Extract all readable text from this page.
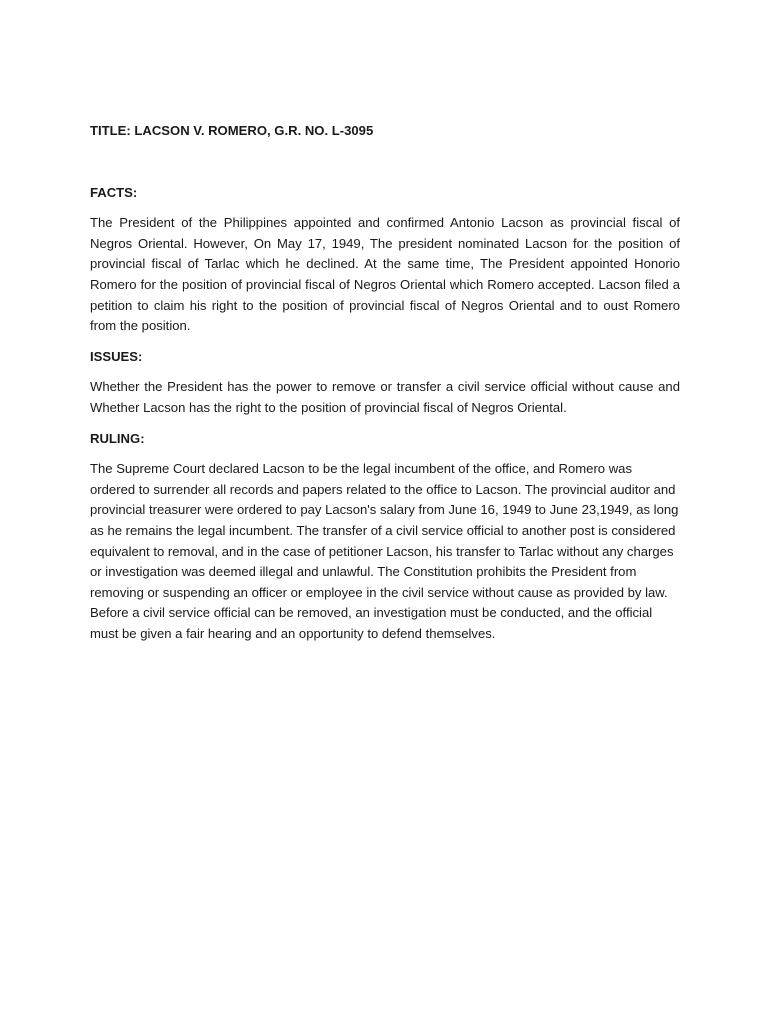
TITLE: LACSON V. ROMERO, G.R. NO. L-3095

FACTS:

The President of the Philippines appointed and confirmed Antonio Lacson as provincial fiscal of Negros Oriental. However, On May 17, 1949, The president nominated Lacson for the position of provincial fiscal of Tarlac which he declined. At the same time, The President appointed Honorio Romero for the position of provincial fiscal of Negros Oriental which Romero accepted. Lacson filed a petition to claim his right to the position of provincial fiscal of Negros Oriental and to oust Romero from the position.

ISSUES:

Whether the President has the power to remove or transfer a civil service official without cause and Whether Lacson has the right to the position of provincial fiscal of Negros Oriental.

RULING:

The Supreme Court declared Lacson to be the legal incumbent of the office, and Romero was ordered to surrender all records and papers related to the office to Lacson. The provincial auditor and provincial treasurer were ordered to pay Lacson's salary from June 16, 1949 to June 23,1949, as long as he remains the legal incumbent. The transfer of a civil service official to another post is considered equivalent to removal, and in the case of petitioner Lacson, his transfer to Tarlac without any charges or investigation was deemed illegal and unlawful. The Constitution prohibits the President from removing or suspending an officer or employee in the civil service without cause as provided by law. Before a civil service official can be removed, an investigation must be conducted, and the official must be given a fair hearing and an opportunity to defend themselves.
